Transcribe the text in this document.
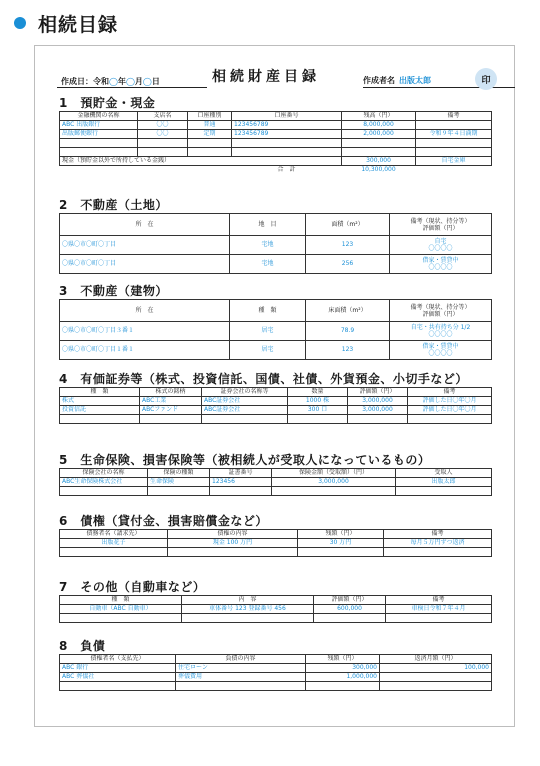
相続目録
作成日：令和◯年◯月◯日	相続財産目録	作成者名 出版太郎	印
1　預貯金・現金
金融機関の名称	支店名	口座種別	口座番号	残高（円）	備考
ABC 出版銀行	〇〇	普通	123456789	8,000,000	
出版郵便銀行	〇〇	定期	123456789	2,000,000	令和９年４日満期

現金（預貯金以外で所持している金銭）				300,000	自宅金庫
			合　計	10,300,000	
2　不動産（土地）
所　在	地　目	面積（m²）	備考（現状、持分等）
評価額（円）

〇県〇市〇町〇丁目	宅地	123	自宅
〇〇〇〇

〇県〇市〇町〇丁目	宅地	256	借家・賃貸中
〇〇〇〇
3　不動産（建物）
所　在	種　類	床面積（m²）	備考（現状、持分等）
評価額（円）

〇県〇市〇町〇丁目３番１	居宅	78.9	自宅・共有持ち分 1/2
〇〇〇〇

〇県〇市〇町〇丁目１番１	居宅	123	借家・賃貸中
〇〇〇〇
4　有価証券等（株式、投資信託、国債、社債、外貨預金、小切手など）
種　類	株式の銘柄	証券会社の名称等	数量	評価額（円）	備考
株式	ABC工業	ABC証券会社	1000 株	3,000,000	評価した日〇年〇月
投資信託	ABCファンド	ABC証券会社	300 口	3,000,000	評価した日〇年〇月

5　生命保険、損害保険等（被相続人が受取人になっているもの）
保険会社の名称	保険の種類	証書番号	保険金額（受取額）（円）	受取人
ABC生命保険株式会社	生命保険	123456	3,000,000	出版太郎

6　債権（貸付金、損害賠償金など）
債務者名（請求先）	債権の内容	残額（円）	備考
出版花子	現金 100 万円	30 万円	毎月５万円ずつ返済

7　その他（自動車など）
種　類	内　容	評価額（円）	備考
自動車（ABC 自動車）	車体番号 123 登録番号 456	600,000	車検日令和７年４月

8　負債
債権者名（支払先）	負債の内容	残額（円）	返済月額（円）
ABC 銀行	住宅ローン	300,000	100,000
ABC 葬儀社	葬儀費用	1,000,000	
